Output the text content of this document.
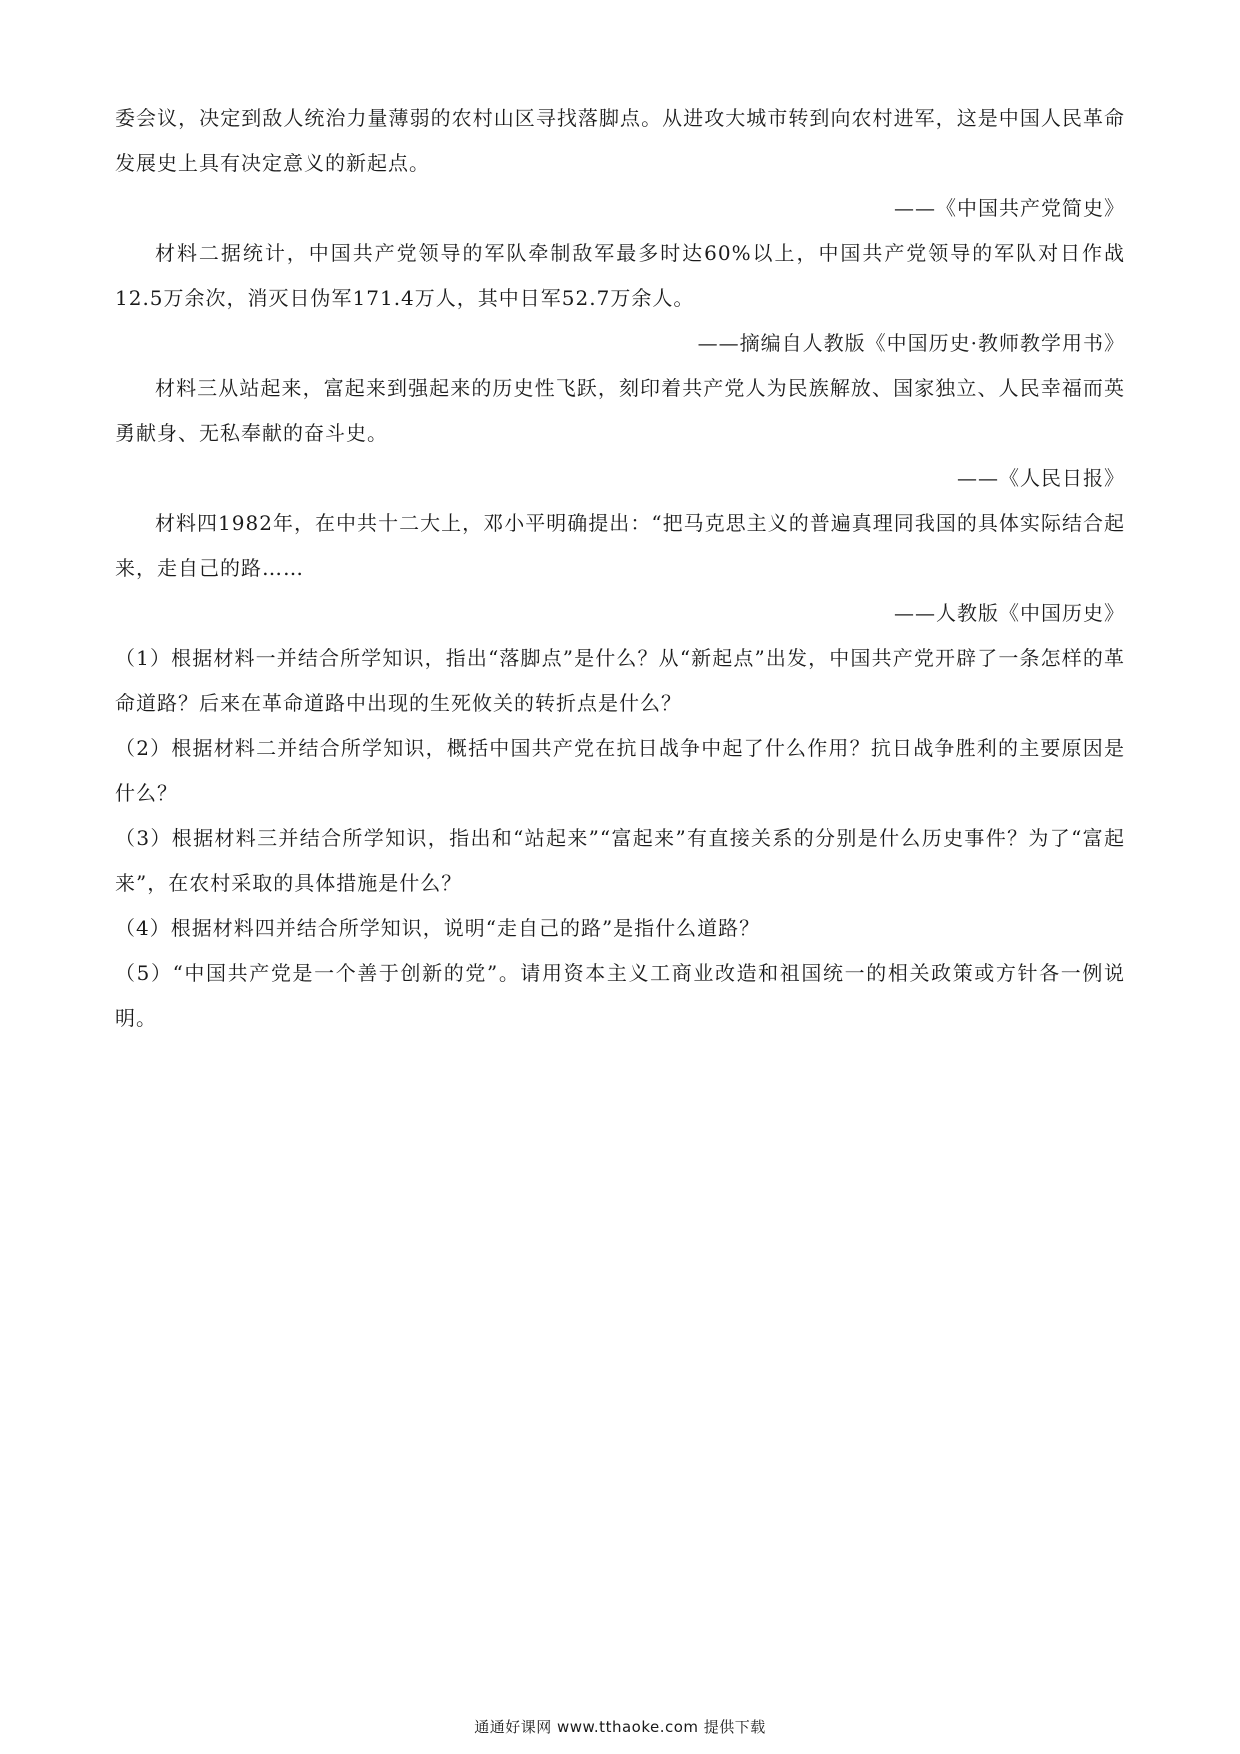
委会议，决定到敌人统治力量薄弱的农村山区寻找落脚点。从进攻大城市转到向农村进军，这是中国人民革命发展史上具有决定意义的新起点。

——《中国共产党简史》

材料二据统计，中国共产党领导的军队牵制敌军最多时达60%以上，中国共产党领导的军队对日作战12.5万余次，消灭日伪军171.4万人，其中日军52.7万余人。

——摘编自人教版《中国历史·教师教学用书》

材料三从站起来，富起来到强起来的历史性飞跃，刻印着共产党人为民族解放、国家独立、人民幸福而英勇献身、无私奉献的奋斗史。

——《人民日报》

材料四1982年，在中共十二大上，邓小平明确提出：“把马克思主义的普遍真理同我国的具体实际结合起来，走自己的路……

——人教版《中国历史》

（1）根据材料一并结合所学知识，指出“落脚点”是什么？从“新起点”出发，中国共产党开辟了一条怎样的革命道路？后来在革命道路中出现的生死攸关的转折点是什么？

（2）根据材料二并结合所学知识，概括中国共产党在抗日战争中起了什么作用？抗日战争胜利的主要原因是什么？

（3）根据材料三并结合所学知识，指出和“站起来”“富起来”有直接关系的分别是什么历史事件？为了“富起来”，在农村采取的具体措施是什么？

（4）根据材料四并结合所学知识，说明“走自己的路”是指什么道路？

（5）“中国共产党是一个善于创新的党”。请用资本主义工商业改造和祖国统一的相关政策或方针各一例说明。

通通好课网 www.tthaoke.com 提供下载
